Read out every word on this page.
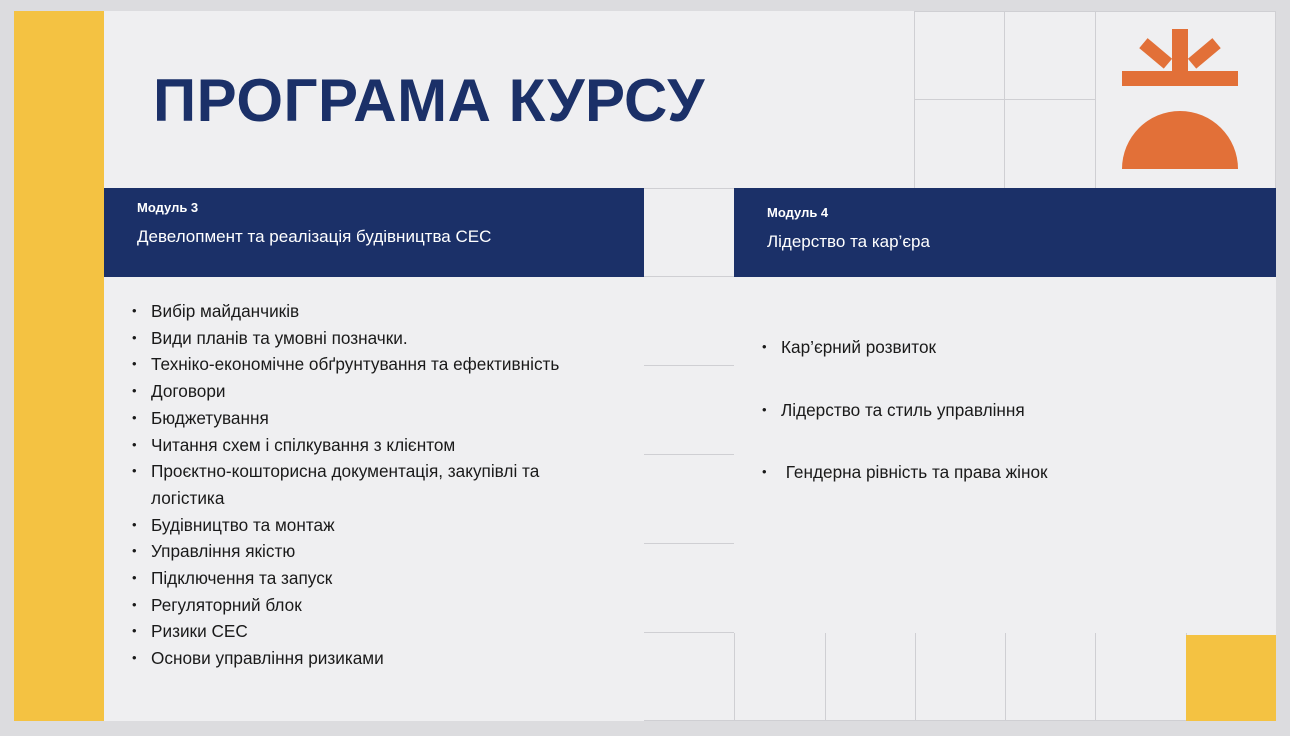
ПРОГРАМА КУРСУ
Модуль 3
Девелопмент та реалізація будівництва СЕС
• Вибір майданчиків
• Види планів та умовні позначки.
• Техніко-економічне обґрунтування та ефективність
• Договори
• Бюджетування
• Читання схем і спілкування з клієнтом
• Проєктно-кошторисна документація, закупівлі та логістика
• Будівництво та монтаж
• Управління якістю
• Підключення та запуск
• Регуляторний блок
• Ризики СЕС
• Основи управління ризиками
Модуль 4
Лідерство та кар’єра

• Кар’єрний розвиток

• Лідерство та стиль управління

•  Гендерна рівність та права жінок
